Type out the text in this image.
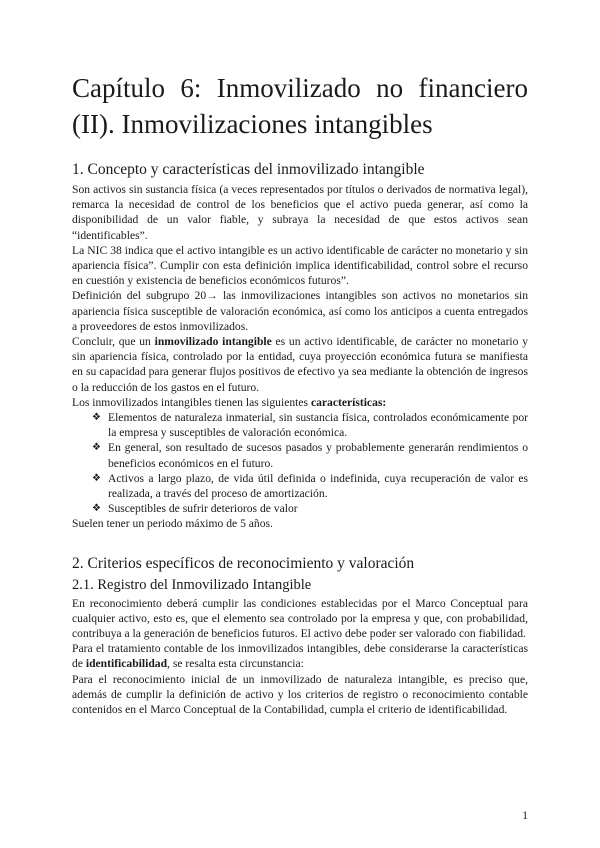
Capítulo 6: Inmovilizado no financiero (II). Inmovilizaciones intangibles
1. Concepto y características del inmovilizado intangible

Son activos sin sustancia física (a veces representados por títulos o derivados de normativa legal), remarca la necesidad de control de los beneficios que el activo pueda generar, así como la disponibilidad de un valor fiable, y subraya la necesidad de que estos activos sean “identificables”.

La NIC 38 indica que el activo intangible es un activo identificable de carácter no monetario y sin apariencia física”. Cumplir con esta definición implica identificabilidad, control sobre el recurso en cuestión y existencia de beneficios económicos futuros”.

Definición del subgrupo 20→ las inmovilizaciones intangibles son activos no monetarios sin apariencia física susceptible de valoración económica, así como los anticipos a cuenta entregados a proveedores de estos inmovilizados.

Concluir, que un inmovilizado intangible es un activo identificable, de carácter no monetario y sin apariencia física, controlado por la entidad, cuya proyección económica futura se manifiesta en su capacidad para generar flujos positivos de efectivo ya sea mediante la obtención de ingresos o la reducción de los gastos en el futuro.

Los inmovilizados intangibles tienen las siguientes características:

❖ Elementos de naturaleza inmaterial, sin sustancia física, controlados económicamente por la empresa y susceptibles de valoración económica.
❖ En general, son resultado de sucesos pasados y probablemente generarán rendimientos o beneficios económicos en el futuro.
❖ Activos a largo plazo, de vida útil definida o indefinida, cuya recuperación de valor es realizada, a través del proceso de amortización.
❖ Susceptibles de sufrir deterioros de valor

Suelen tener un periodo máximo de 5 años.

2. Criterios específicos de reconocimiento y valoración
2.1. Registro del Inmovilizado Intangible

En reconocimiento deberá cumplir las condiciones establecidas por el Marco Conceptual para cualquier activo, esto es, que el elemento sea controlado por la empresa y que, con probabilidad, contribuya a la generación de beneficios futuros. El activo debe poder ser valorado con fiabilidad.

Para el tratamiento contable de los inmovilizados intangibles, debe considerarse la características de identificabilidad, se resalta esta circunstancia:

Para el reconocimiento inicial de un inmovilizado de naturaleza intangible, es preciso que, además de cumplir la definición de activo y los criterios de registro o reconocimiento contable contenidos en el Marco Conceptual de la Contabilidad, cumpla el criterio de identificabilidad.

1
